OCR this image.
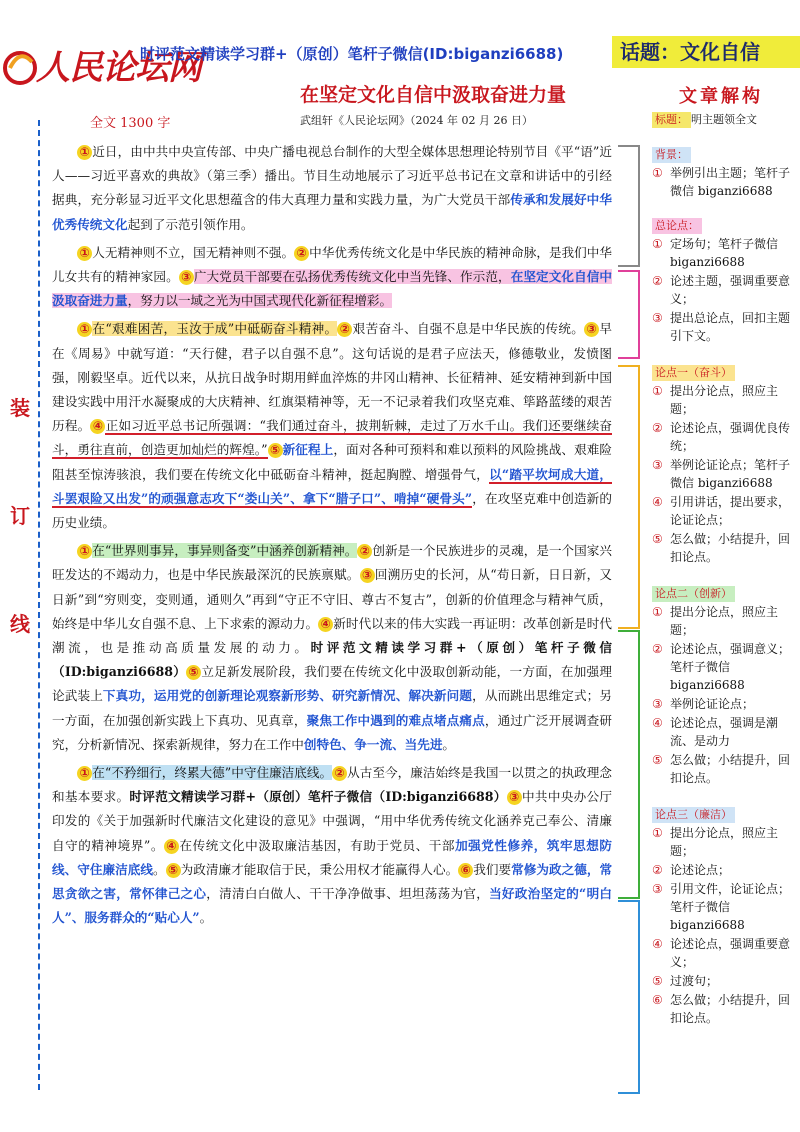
人民论坛网
时评范文精读学习群+（原创）笔杆子微信(ID:biganzi6688)	话题：文化自信
在坚定文化自信中汲取奋进力量
全文 1300 字	武组轩《人民论坛网》（2024 年 02 月 26 日）
装
订
线

① 近日，由中共中央宣传部、中央广播电视总台制作的大型全媒体思想理论特别节目《平“语”近人——习近平喜欢的典故》（第三季）播出。节目生动地展示了习近平总书记在文章和讲话中的引经据典，充分彰显习近平文化思想蕴含的伟大真理力量和实践力量，为广大党员干部传承和发展好中华优秀传统文化起到了示范引领作用。

① 人无精神则不立，国无精神则不强。 ② 中华优秀传统文化是中华民族的精神命脉，是我们中华儿女共有的精神家园。 ③ 广大党员干部要在弘扬优秀传统文化中当先锋、作示范，在坚定文化自信中汲取奋进力量，努力以一域之光为中国式现代化新征程增彩。

① 在“艰难困苦，玉汝于成”中砥砺奋斗精神。 ② 艰苦奋斗、自强不息是中华民族的传统。 ③ 早在《周易》中就写道：“天行健，君子以自强不息”。这句话说的是君子应法天，修德敬业，发愤图强，刚毅坚卓。近代以来，从抗日战争时期用鲜血淬炼的井冈山精神、长征精神、延安精神到新中国建设实践中用汗水凝聚成的大庆精神、红旗渠精神等，无一不记录着我们攻坚克难、筚路蓝缕的艰苦历程。 ④ 正如习近平总书记所强调：“我们通过奋斗，披荆斩棘，走过了万水千山。我们还要继续奋斗，勇往直前，创造更加灿烂的辉煌。” ⑤ 新征程上，面对各种可预料和难以预料的风险挑战、艰难险阻甚至惊涛骇浪，我们要在传统文化中砥砺奋斗精神，挺起胸膛、增强骨气，以“踏平坎坷成大道，斗罢艰险又出发”的顽强意志攻下“娄山关”、拿下“腊子口”、啃掉“硬骨头”，在攻坚克难中创造新的历史业绩。

① 在“世界则事异，事异则备变”中涵养创新精神。 ② 创新是一个民族进步的灵魂，是一个国家兴旺发达的不竭动力，也是中华民族最深沉的民族禀赋。 ③ 回溯历史的长河，从“苟日新，日日新，又日新”到“穷则变，变则通，通则久”再到“守正不守旧、尊古不复古”，创新的价值理念与精神气质，始终是中华儿女自强不息、上下求索的源动力。 ④ 新时代以来的伟大实践一再证明：改革创新是时代潮流，也是推动高质量发展的动力。时评范文精读学习群+（原创）笔杆子微信（ID:biganzi6688） ⑤ 立足新发展阶段，我们要在传统文化中汲取创新动能，一方面，在加强理论武装上下真功，运用党的创新理论观察新形势、研究新情况、解决新问题，从而跳出思维定式；另一方面，在加强创新实践上下真功、见真章，聚焦工作中遇到的难点堵点痛点，通过广泛开展调查研究，分析新情况、探索新规律，努力在工作中创特色、争一流、当先进。

① 在“不矜细行，终累大德”中守住廉洁底线。 ② 从古至今，廉洁始终是我国一以贯之的执政理念和基本要求。时评范文精读学习群+（原创）笔杆子微信（ID:biganzi6688） ③ 中共中央办公厅印发的《关于加强新时代廉洁文化建设的意见》中强调，“用中华优秀传统文化涵养克己奉公、清廉自守的精神境界”。 ④ 在传统文化中汲取廉洁基因，有助于党员、干部加强党性修养，筑牢思想防线、守住廉洁底线。 ⑤ 为政清廉才能取信于民，秉公用权才能赢得人心。 ⑥ 我们要常修为政之德，常思贪欲之害，常怀律己之心，清清白白做人、干干净净做事、坦坦荡荡为官，当好政治坚定的“明白人”、服务群众的“贴心人”。

文章解构
标题： 明主题领全文
背景：
① 举例引出主题；笔杆子微信 biganzi6688
总论点：
① 定场句；笔杆子微信 biganzi6688
② 论述主题，强调重要意义；
③ 提出总论点，回扣主题引下文。
论点一（奋斗）
① 提出分论点，照应主题；
② 论述论点，强调优良传统；
③ 举例论证论点；笔杆子微信 biganzi6688
④ 引用讲话，提出要求，论证论点；
⑤ 怎么做；小结提升，回扣论点。
论点二（创新）
① 提出分论点，照应主题；
② 论述论点，强调意义；笔杆子微信 biganzi6688
③ 举例论证论点；
④ 论述论点，强调是潮流、是动力
⑤ 怎么做；小结提升，回扣论点。
论点三（廉洁）
① 提出分论点，照应主题；
② 论述论点；
③ 引用文件，论证论点；笔杆子微信 biganzi6688
④ 论述论点，强调重要意义；
⑤ 过渡句；
⑥ 怎么做；小结提升，回扣论点。
